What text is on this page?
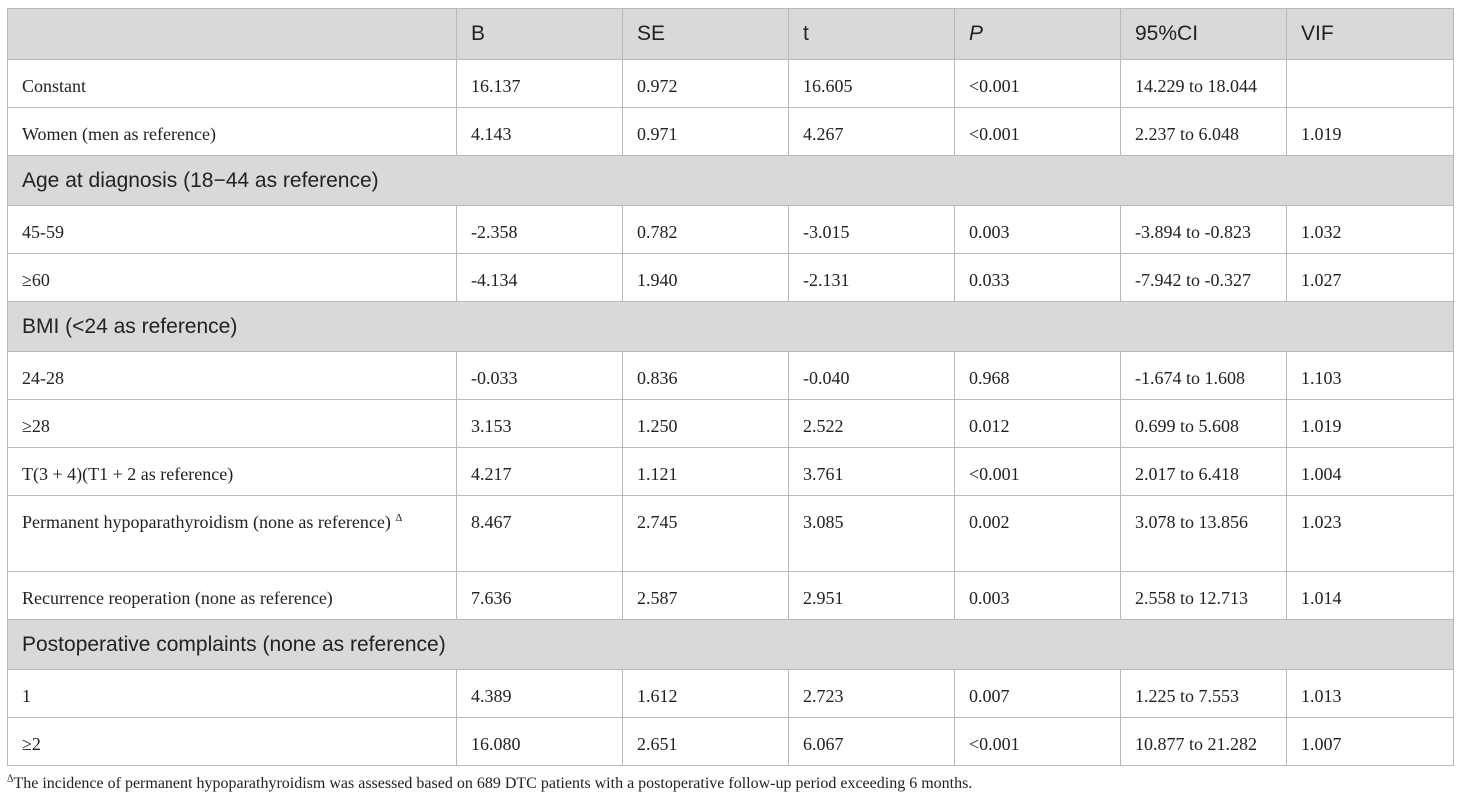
	B	SE	t	P	95%CI	VIF
Constant	16.137	0.972	16.605	<0.001	14.229 to 18.044	
Women (men as reference)	4.143	0.971	4.267	<0.001	2.237 to 6.048	1.019
Age at diagnosis (18−44 as reference)						
45-59	-2.358	0.782	-3.015	0.003	-3.894 to -0.823	1.032
≥60	-4.134	1.940	-2.131	0.033	-7.942 to -0.327	1.027
BMI (<24 as reference)						
24-28	-0.033	0.836	-0.040	0.968	-1.674 to 1.608	1.103
≥28	3.153	1.250	2.522	0.012	0.699 to 5.608	1.019
T(3 + 4)(T1 + 2 as reference)	4.217	1.121	3.761	<0.001	2.017 to 6.418	1.004
Permanent hypoparathyroidism (none as reference) $^\Delta$	8.467	2.745	3.085	0.002	3.078 to 13.856	1.023
Recurrence reoperation (none as reference)	7.636	2.587	2.951	0.003	2.558 to 12.713	1.014
Postoperative complaints (none as reference)						
1	4.389	1.612	2.723	0.007	1.225 to 7.553	1.013
≥2	16.080	2.651	6.067	<0.001	10.877 to 21.282	1.007
$^\Delta$The incidence of permanent hypoparathyroidism was assessed based on 689 DTC patients with a postoperative follow-up period exceeding 6 months.
